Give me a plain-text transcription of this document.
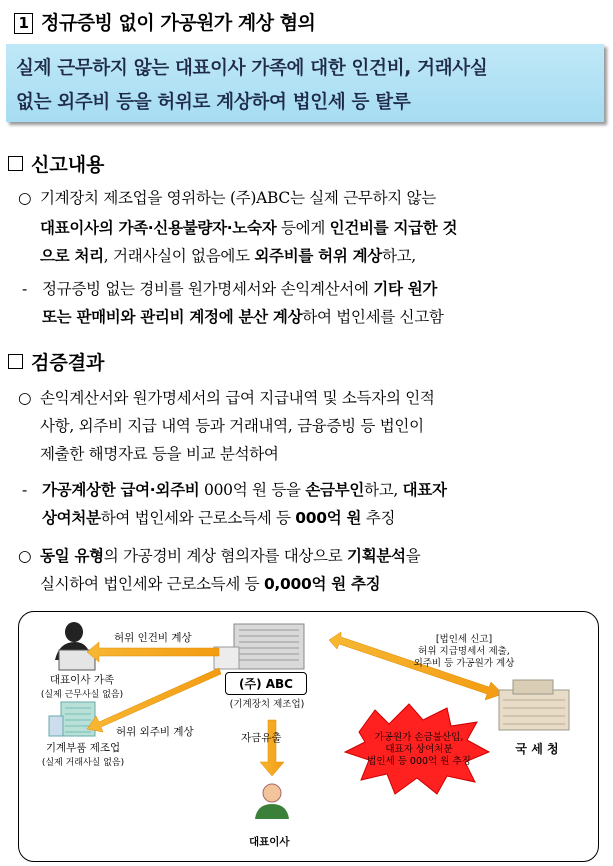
1 정규증빙 없이 가공원가 계상 혐의
실제 근무하지 않는 대표이사 가족에 대한 인건비, 거래사실
없는 외주비 등을 허위로 계상하여 법인세 등 탈루
신고내용
○ 기계장치 제조업을 영위하는 (주)ABC는 실제 근무하지 않는
대표이사의 가족·신용불량자·노숙자 등에게 인건비를 지급한 것
으로 처리, 거래사실이 없음에도 외주비를 허위 계상하고,
- 정규증빙 없는 경비를 원가명세서와 손익계산서에 기타 원가
또는 판매비와 관리비 계정에 분산 계상하여 법인세를 신고함
검증결과
○ 손익계산서와 원가명세서의 급여 지급내역 및 소득자의 인적
사항, 외주비 지급 내역 등과 거래내역, 금융증빙 등 법인이
제출한 해명자료 등을 비교 분석하여
- 가공계상한 급여·외주비 000억 원 등을 손금부인하고, 대표자
상여처분하여 법인세와 근로소득세 등 000억 원 추징
○ 동일 유형의 가공경비 계상 혐의자를 대상으로 기획분석을
실시하여 법인세와 근로소득세 등 0,000억 원 추징
대표이사 가족
(실제 근무사실 없음)
기계부품 제조업
(실제 거래사실 없음)
허위 인건비 계상
허위 외주비 계상
(주) ABC
(기계장치 제조업)
자금유출
대표이사
[법인세 신고]
허위 지급명세서 제출,
외주비 등 가공원가 계상
가공원가 손금불산입,
대표자 상여처분
법인세 등 000억 원 추징
국 세 청
